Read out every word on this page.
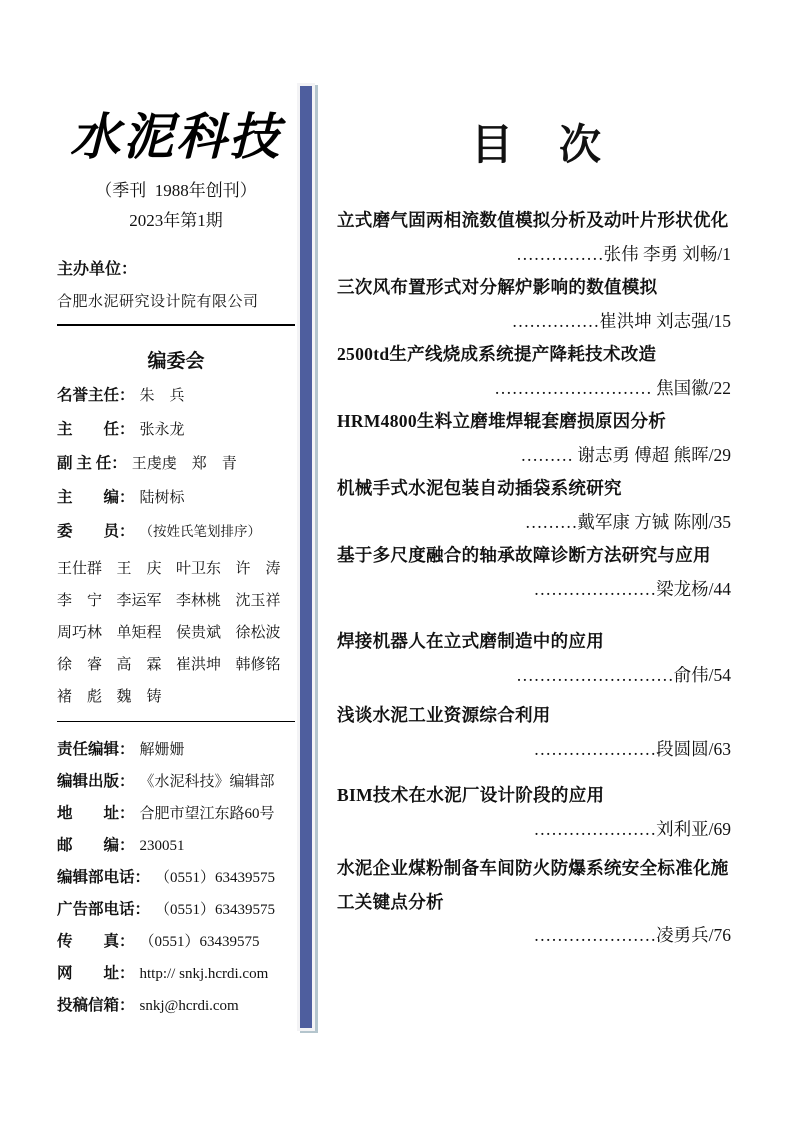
水泥科技
（季刊  1988年创刊）
2023年第1期
主办单位：
合肥水泥研究设计院有限公司
编委会
名誉主任： 朱　兵
主　　任： 张永龙
副 主 任： 王虔虔　郑　青
主　　编： 陆树标
委　　员： （按姓氏笔划排序）
王仕群 王　庆 叶卫东 许　涛
李　宁 李运军 李林桃 沈玉祥
周巧林 单矩程 侯贵斌 徐松波
徐　睿 高　霖 崔洪坤 韩修铭
褚　彪 魏　铸
责任编辑： 解姗姗
编辑出版： 《水泥科技》编辑部
地　　址： 合肥市望江东路60号
邮　　编： 230051
编辑部电话： （0551）63439575
广告部电话： （0551）63439575
传　　真： （0551）63439575
网　　址： http:// snkj.hcrdi.com
投稿信箱： snkj@hcrdi.com
目　次
立式磨气固两相流数值模拟分析及动叶片形状优化
……………张伟 李勇 刘畅/1
三次风布置形式对分解炉影响的数值模拟
……………崔洪坤 刘志强/15
2500td生产线烧成系统提产降耗技术改造
……………………… 焦国徽/22
HRM4800生料立磨堆焊辊套磨损原因分析
……… 谢志勇 傅超 熊晖/29
机械手式水泥包装自动插袋系统研究
………戴军康 方铖 陈刚/35
基于多尺度融合的轴承故障诊断方法研究与应用
…………………梁龙杨/44
焊接机器人在立式磨制造中的应用
………………………俞伟/54
浅谈水泥工业资源综合利用
…………………段圆圆/63
BIM技术在水泥厂设计阶段的应用
…………………刘利亚/69
水泥企业煤粉制备车间防火防爆系统安全标准化施工关键点分析
…………………凌勇兵/76
